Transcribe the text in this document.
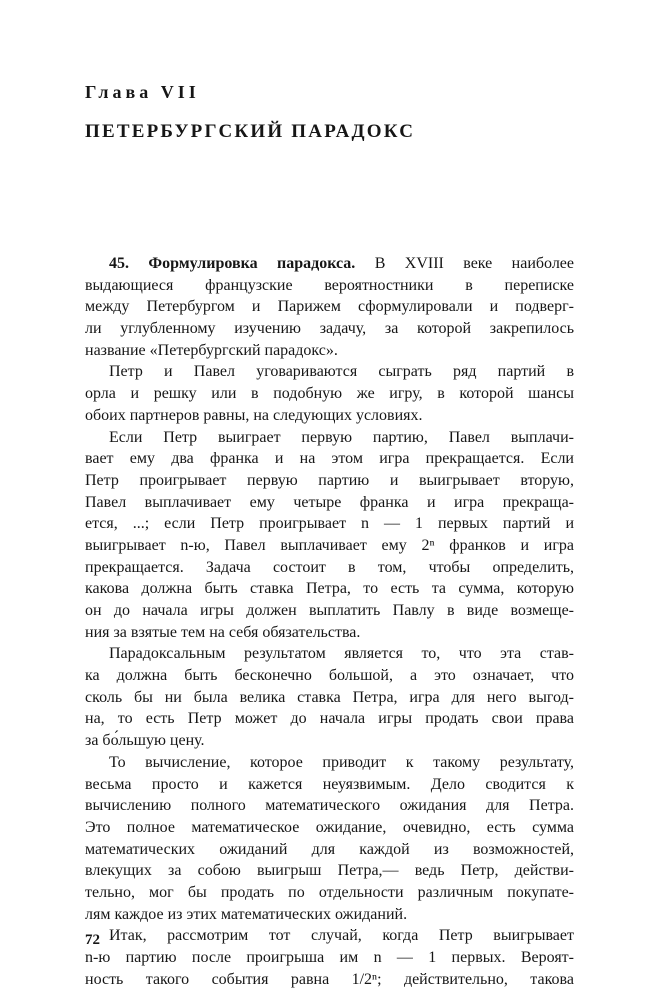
Глава VII
ПЕТЕРБУРГСКИЙ ПАРАДОКС

45. Формулировка парадокса. В XVIII веке наиболее
выдающиеся французские вероятностники в переписке
между Петербургом и Парижем сформулировали и подверг-
ли углубленному изучению задачу, за которой закрепилось
название «Петербургский парадокс».

Петр и Павел уговариваются сыграть ряд партий в
орла и решку или в подобную же игру, в которой шансы
обоих партнеров равны, на следующих условиях.

Если Петр выиграет первую партию, Павел выплачи-
вает ему два франка и на этом игра прекращается. Если
Петр проигрывает первую партию и выигрывает вторую,
Павел выплачивает ему четыре франка и игра прекраща-
ется, ...; если Петр проигрывает n — 1 первых партий и
выигрывает n-ю, Павел выплачивает ему 2ⁿ франков и игра
прекращается. Задача состоит в том, чтобы определить,
какова должна быть ставка Петра, то есть та сумма, которую
он до начала игры должен выплатить Павлу в виде возмеще-
ния за взятые тем на себя обязательства.

Парадоксальным результатом является то, что эта став-
ка должна быть бесконечно большой, а это означает, что
сколь бы ни была велика ставка Петра, игра для него выгод-
на, то есть Петр может до начала игры продать свои права
за бо́льшую цену.

То вычисление, которое приводит к такому результату,
весьма просто и кажется неуязвимым. Дело сводится к
вычислению полного математического ожидания для Петра.
Это полное математическое ожидание, очевидно, есть сумма
математических ожиданий для каждой из возможностей,
влекущих за собою выигрыш Петра,— ведь Петр, действи-
тельно, мог бы продать по отдельности различным покупате-
лям каждое из этих математических ожиданий.

Итак, рассмотрим тот случай, когда Петр выигрывает
n-ю партию после проигрыша им n — 1 первых. Вероят-
ность такого события равна 1/2ⁿ; действительно, такова

72
